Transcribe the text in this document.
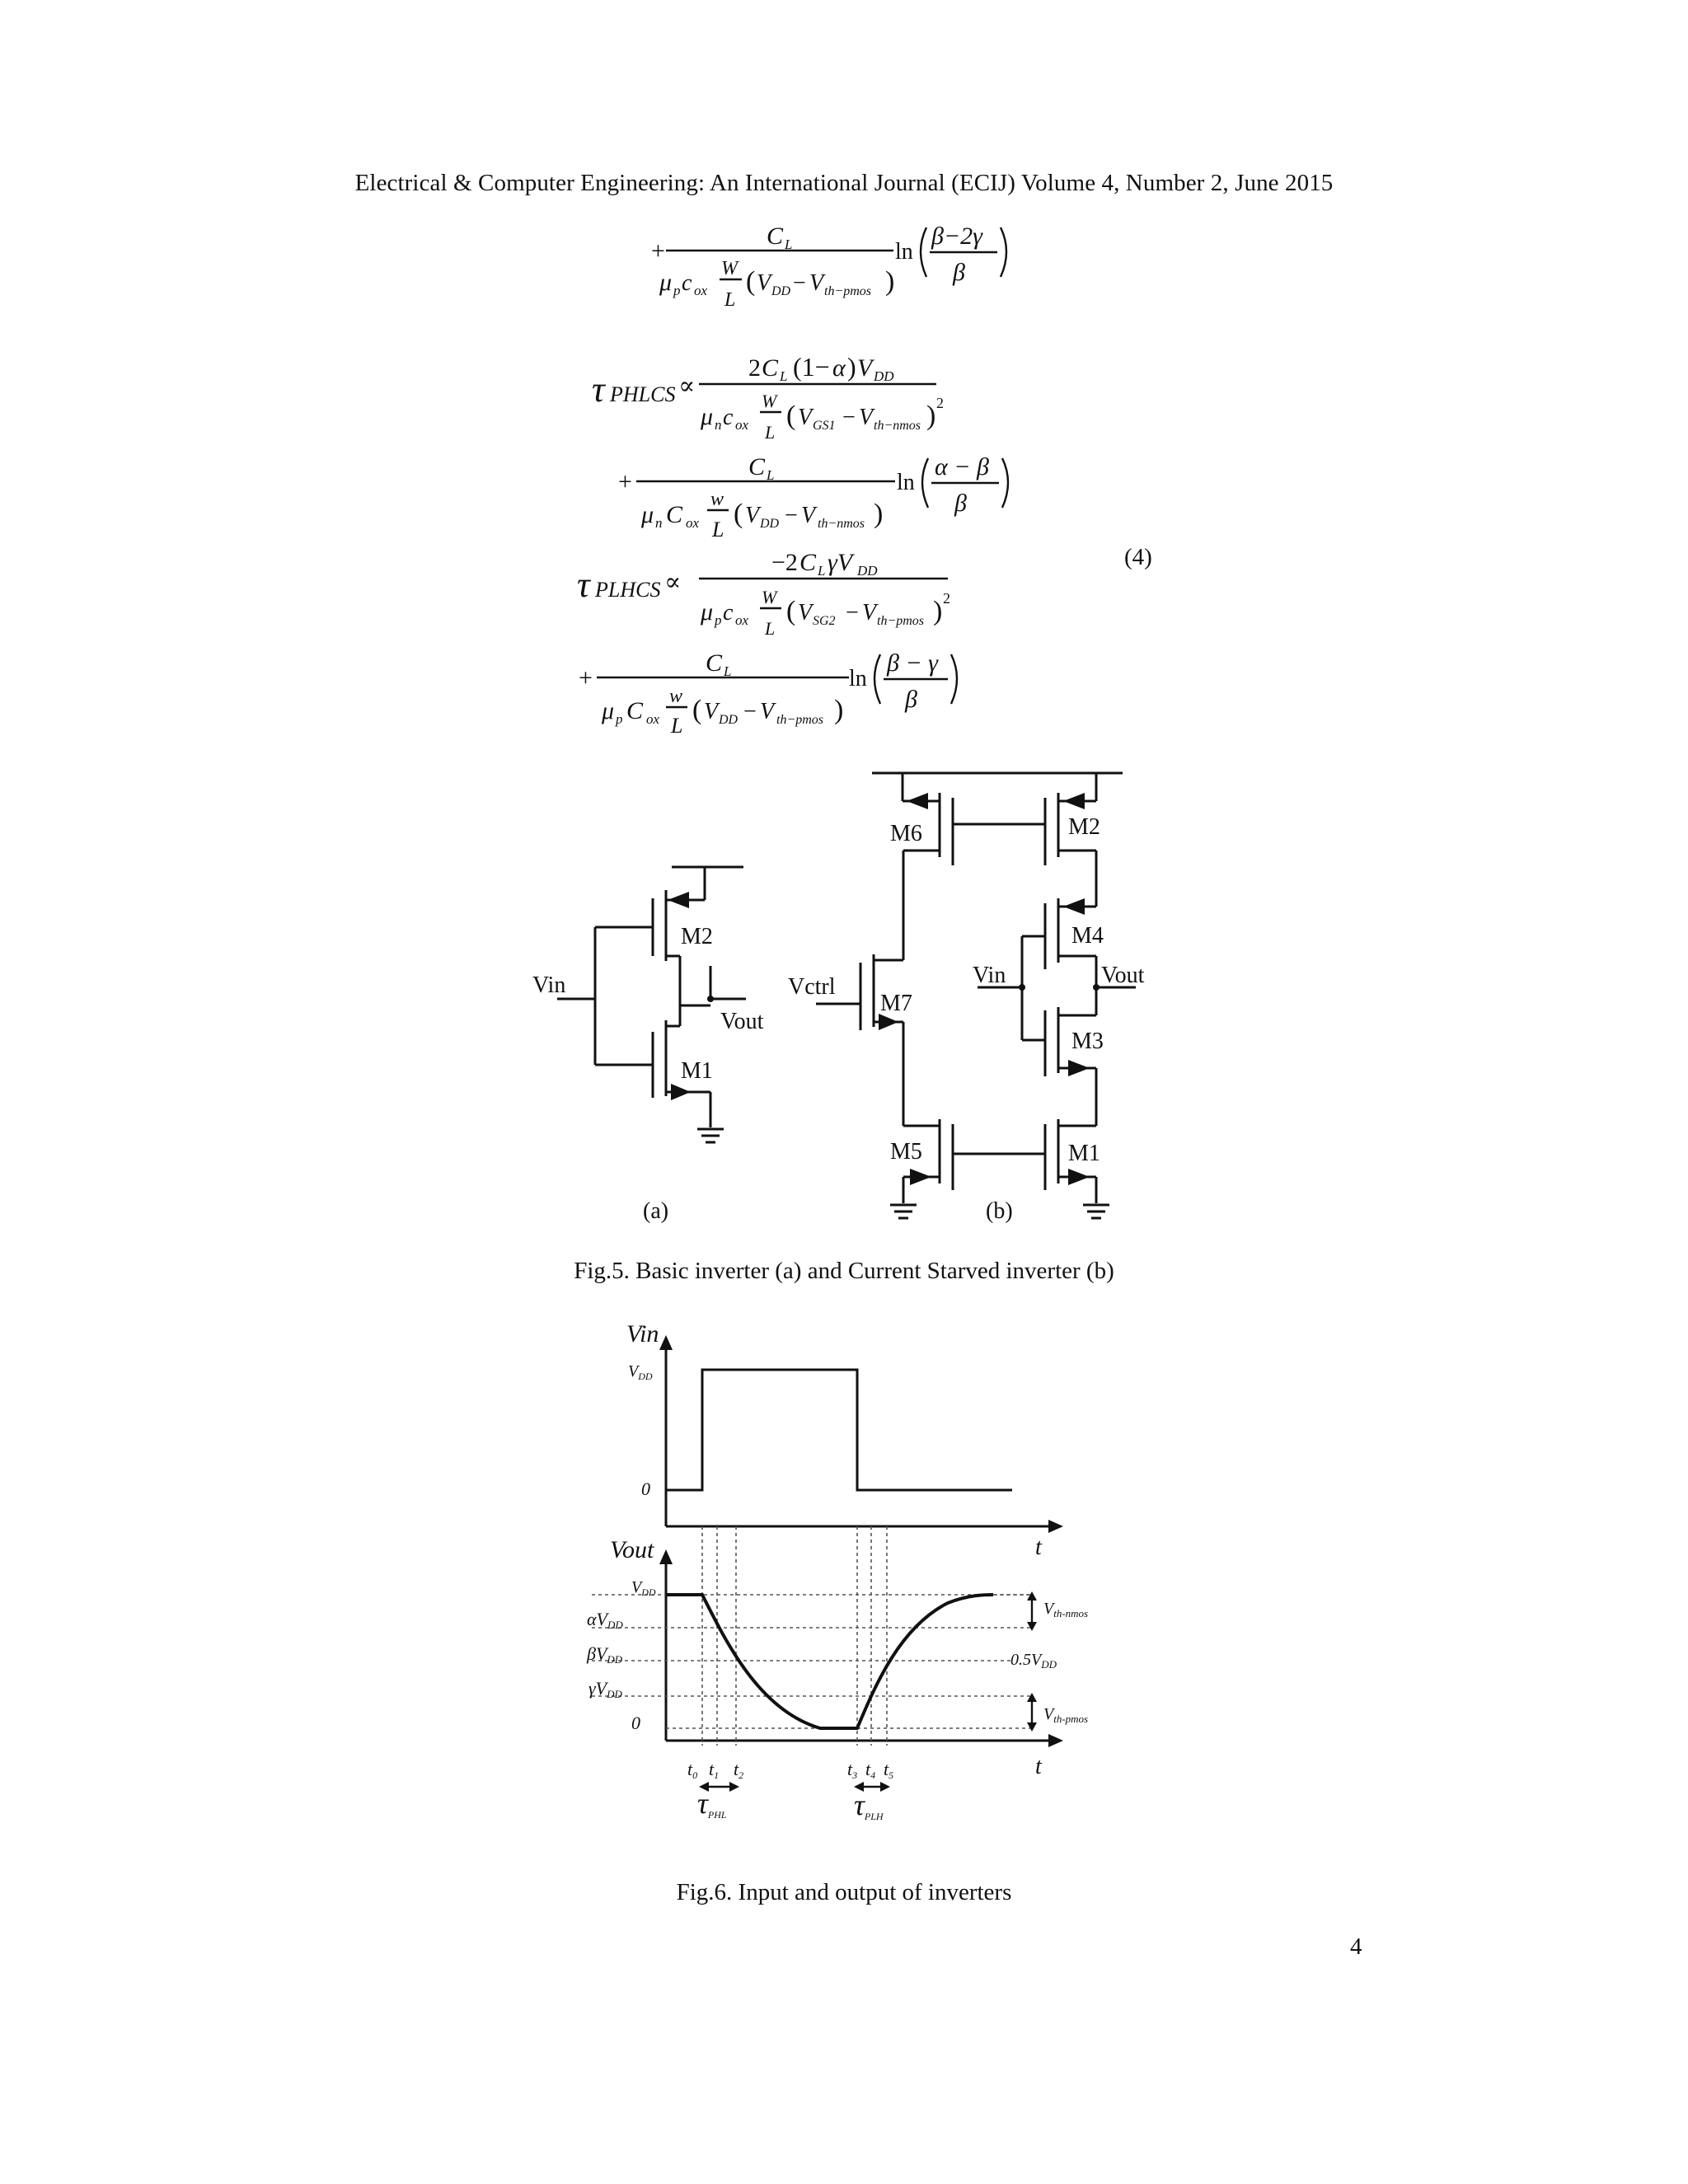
Electrical & Computer Engineering: An International Journal (ECIJ) Volume 4, Number 2, June 2015
+
C L
μ p c ox
W
L
( V DD − V th−pmos )
ln
β−2γ
β
τ PHLCS ∝
2 C L (1− α ) V DD
μ n c ox
W
L
( V GS1 − V th−nmos ) 2
+
C L
μ n C ox
w
L
( V DD − V th−nmos )
ln
α − β
β
τ PLHCS ∝
−2 C L γV DD
μ p c ox
W
L
( V SG2 − V th−pmos ) 2
+
C L
μ p C ox
w
L
( V DD − V th−pmos )
ln
β − γ
β
(4)
M2
M1
Vin
Vout
(a)
M6	M2
M4
M3
M1
M5
M7
Vctrl	Vin	Vout
(b)
Fig.5. Basic inverter (a) and Current Starved inverter (b)
Vin
$V_{DD}$
0
t
Vout
$V_{DD}$
αVDD
βVDD
γVDD
0
$V_{th-nmos}$
$0.5V_{DD}$
$V_{th-pmos}$
t
t0 t1 t2	t3 t4 t5
τPHL	τPLH
Fig.6. Input and output of inverters
4
